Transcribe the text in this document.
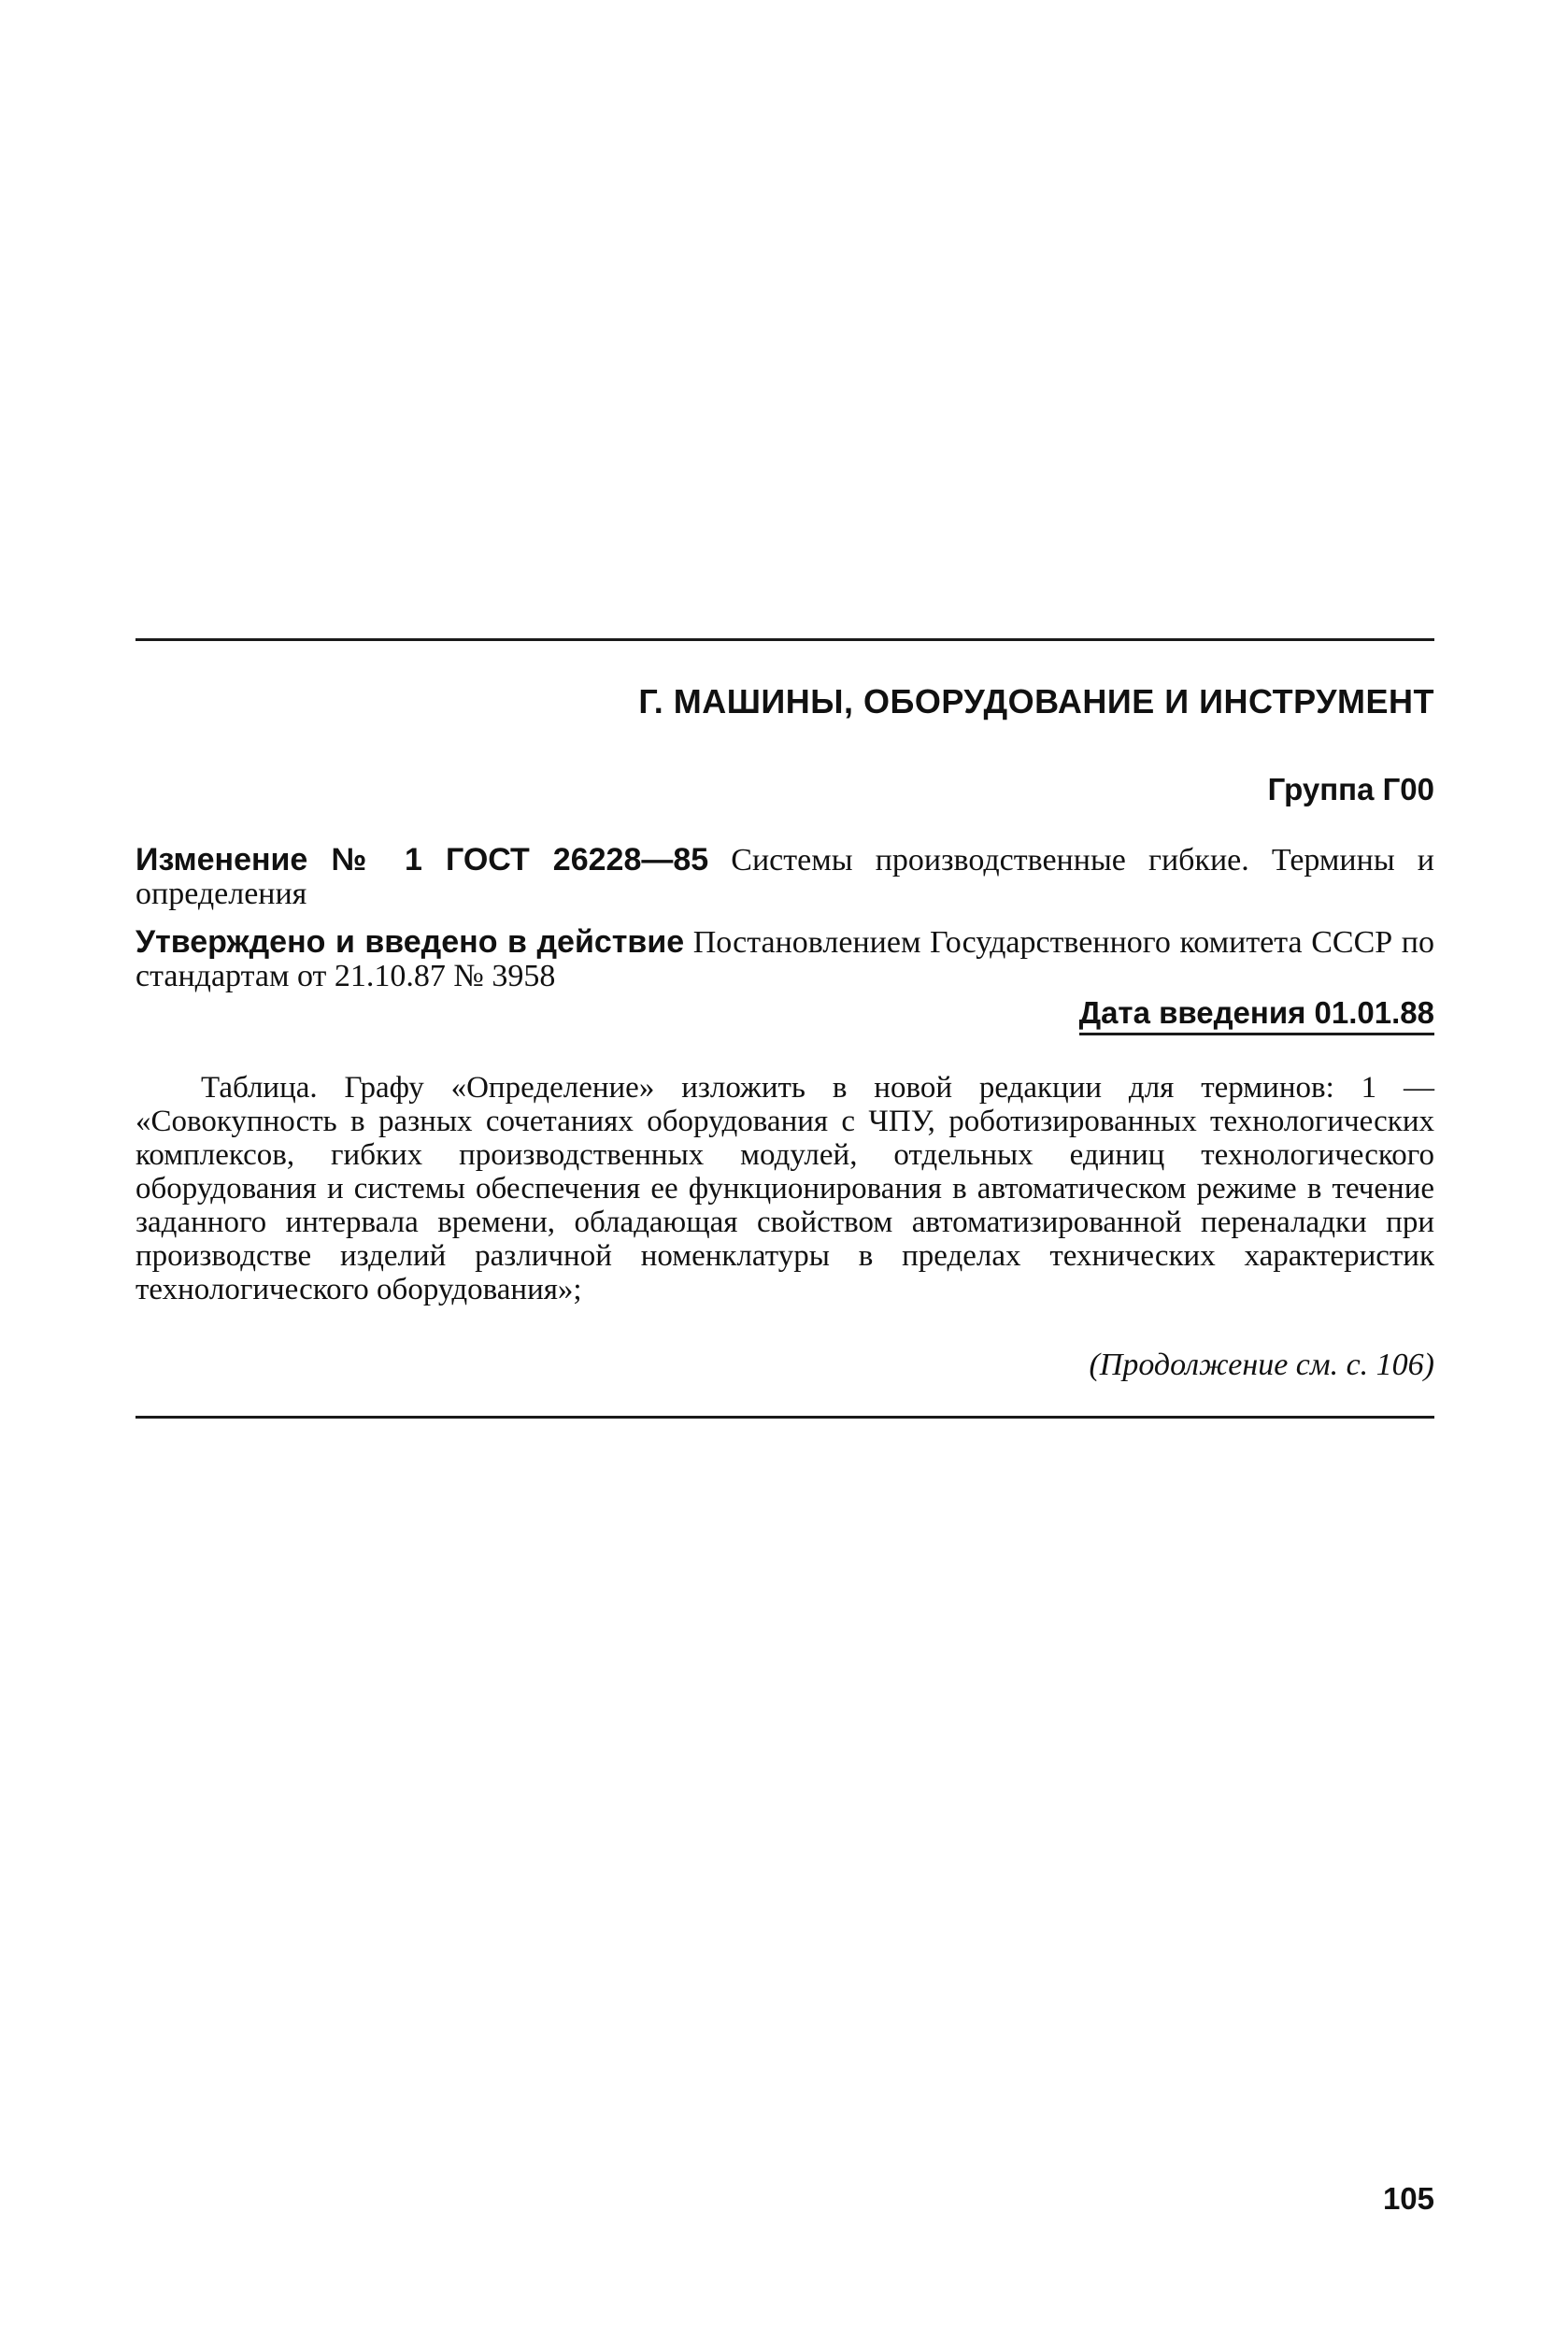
Г. МАШИНЫ, ОБОРУДОВАНИЕ И ИНСТРУМЕНТ
Группа Г00
Изменение № 1 ГОСТ 26228—85 Системы производственные гибкие. Термины и определения
Утверждено и введено в действие Постановлением Государственного комитета СССР по стандартам от 21.10.87 № 3958
Дата введения 01.01.88
Таблица. Графу «Определение» изложить в новой редакции для терминов: 1 — «Совокупность в разных сочетаниях оборудования с ЧПУ, роботизированных технологических комплексов, гибких производственных модулей, отдельных единиц технологического оборудования и системы обеспечения ее функционирования в автоматическом режиме в течение заданного интервала времени, обладающая свойством автоматизированной переналадки при производстве изделий различной номенклатуры в пределах технических характеристик технологического оборудования»;
(Продолжение см. с. 106)
105
